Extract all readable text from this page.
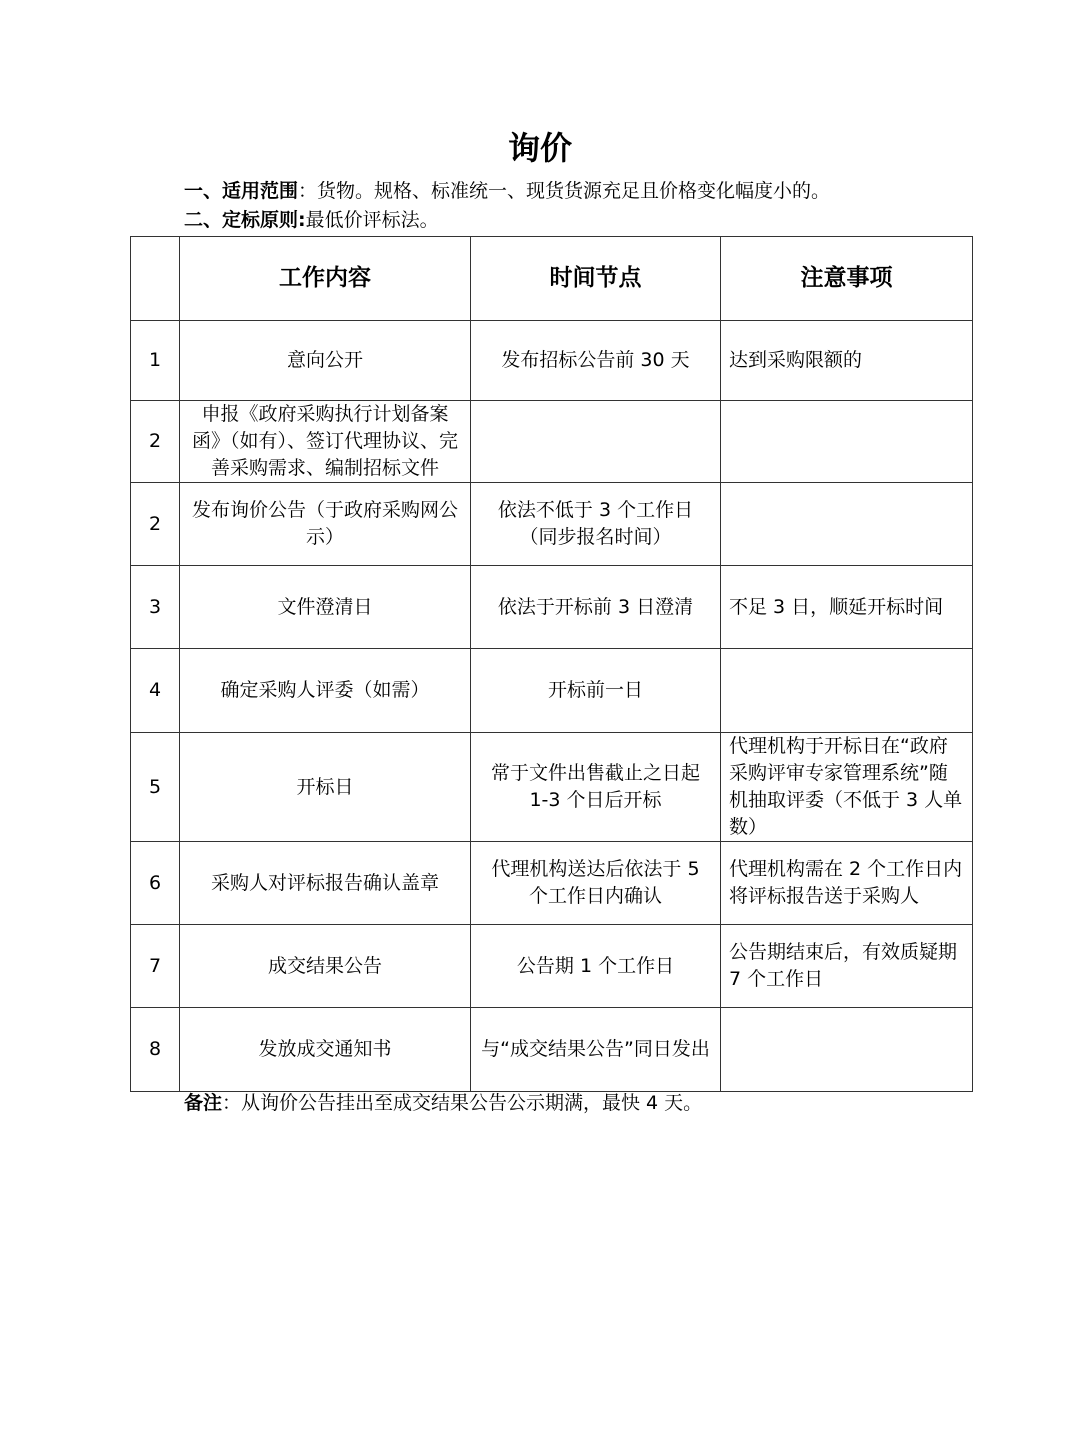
询价
一、适用范围：货物。规格、标准统一、现货货源充足且价格变化幅度小的。
二、定标原则:最低价评标法。
	工作内容	时间节点	注意事项
1	意向公开	发布招标公告前 30 天	达到采购限额的
2	申报《政府采购执行计划备案函》（如有）、签订代理协议、完善采购需求、编制招标文件		
2	发布询价公告（于政府采购网公示）	依法不低于 3 个工作日（同步报名时间）	
3	文件澄清日	依法于开标前 3 日澄清	不足 3 日，顺延开标时间
4	确定采购人评委（如需）	开标前一日	
5	开标日	常于文件出售截止之日起 1-3 个日后开标	代理机构于开标日在“政府采购评审专家管理系统”随机抽取评委（不低于 3 人单数）
6	采购人对评标报告确认盖章	代理机构送达后依法于 5 个工作日内确认	代理机构需在 2 个工作日内将评标报告送于采购人
7	成交结果公告	公告期 1 个工作日	公告期结束后，有效质疑期 7 个工作日
8	发放成交通知书	与“成交结果公告”同日发出	
备注：从询价公告挂出至成交结果公告公示期满，最快 4 天。
